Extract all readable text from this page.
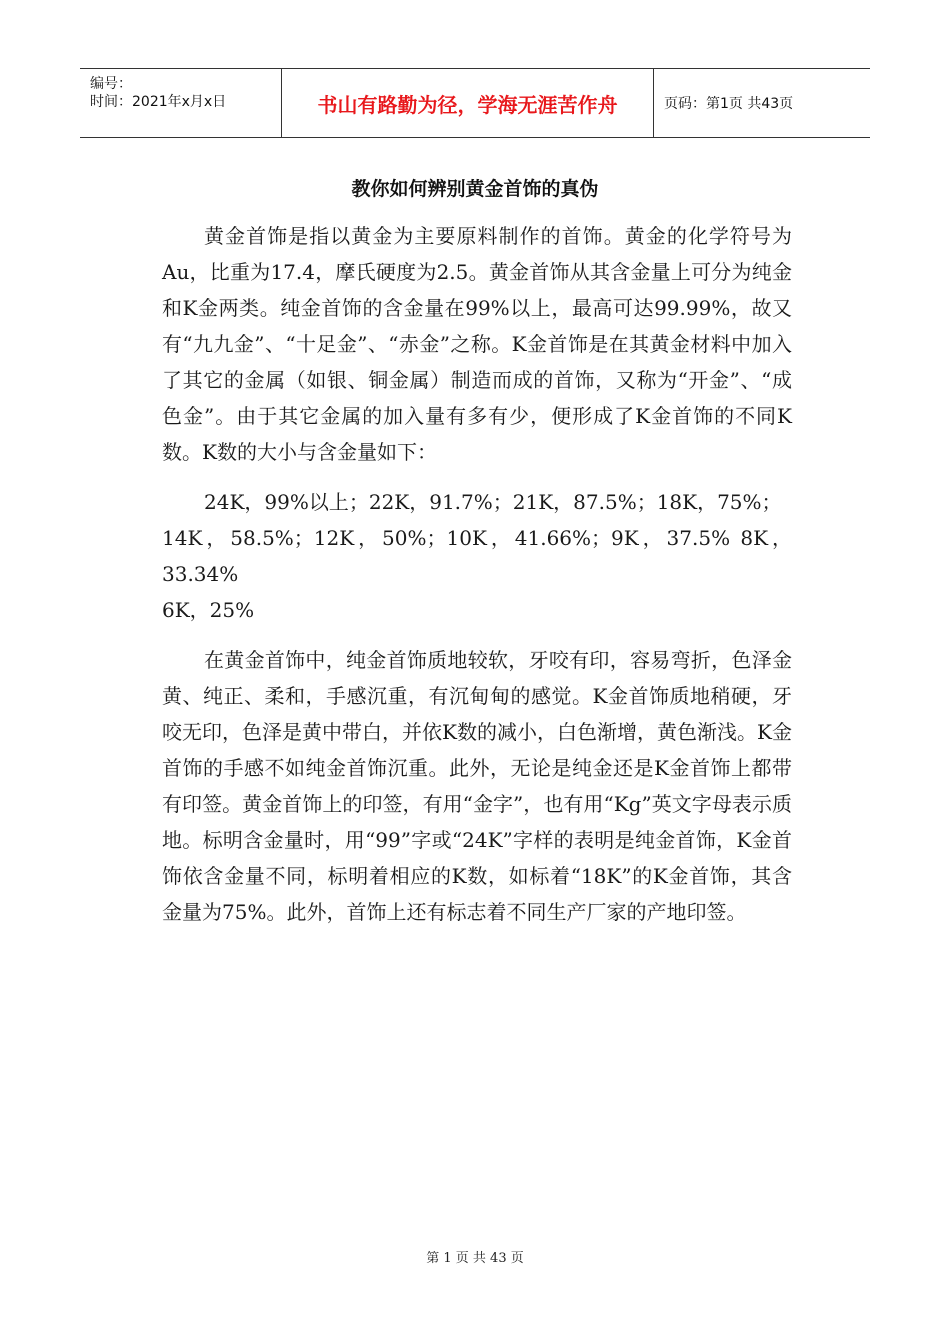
编号：
时间：2021年x月x日	书山有路勤为径，学海无涯苦作舟	页码：第1页 共43页
教你如何辨别黄金首饰的真伪

黄金首饰是指以黄金为主要原料制作的首饰。黄金的化学符号为Au，比重为17.4，摩氏硬度为2.5。黄金首饰从其含金量上可分为纯金和K金两类。纯金首饰的含金量在99%以上，最高可达99.99%，故又有“九九金”、“十足金”、“赤金”之称。K金首饰是在其黄金材料中加入了其它的金属（如银、铜金属）制造而成的首饰，又称为“开金”、“成色金”。由于其它金属的加入量有多有少，便形成了K金首饰的不同K数。K数的大小与含金量如下：

24K，99%以上；22K，91.7%；21K，87.5%；18K，75%；

14K，58.5%；12K，50%；10K，41.66%；9K，37.5% 8K，33.34%

6K，25%

在黄金首饰中，纯金首饰质地较软，牙咬有印，容易弯折，色泽金黄、纯正、柔和，手感沉重，有沉甸甸的感觉。K金首饰质地稍硬，牙咬无印，色泽是黄中带白，并依K数的减小，白色渐增，黄色渐浅。K金首饰的手感不如纯金首饰沉重。此外，无论是纯金还是K金首饰上都带有印签。黄金首饰上的印签，有用“金字”，也有用“Kg”英文字母表示质地。标明含金量时，用“99”字或“24K”字样的表明是纯金首饰，K金首饰依含金量不同，标明着相应的K数，如标着“18K”的K金首饰，其含金量为75%。此外，首饰上还有标志着不同生产厂家的产地印签。

第 1 页 共 43 页
